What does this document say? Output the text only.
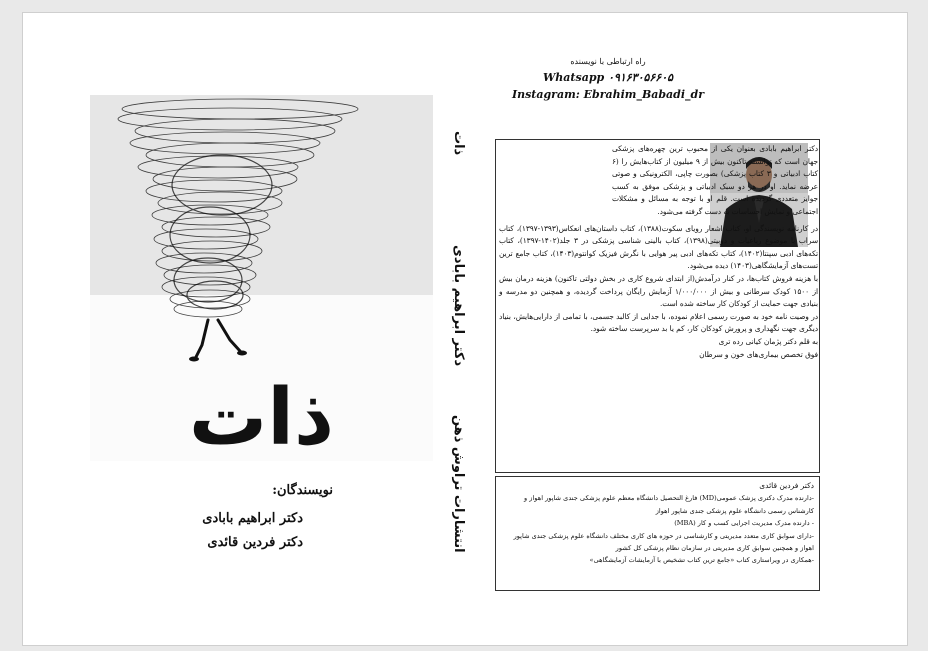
ذات
نویسندگان:
دکتر ابراهیم بابادی
دکتر فردین قائدی
ذات
دکتر ابراهیم بابادی
انتشارات تراوش ذهن
راه ارتباطی با نویسنده
Whatsapp ۰۹۱۶۳۰۵۶۶۰۵
Instagram: Ebrahim_Babadi_dr
دکتر ابراهیم بابادی بعنوان یکی از محبوب ترین چهره‌های پزشکی جهان است که توانسته تاکنون بیش از ۹ میلیون از کتاب‌هایش را (۶ کتاب ادبیاتی و ۳ کتاب پزشکی) بصورت چاپی، الکترونیکی و صوتی عرضه نماید. او در هر دو سبک ادبیاتی و پزشکی موفق به کسب جوایز متعددی گردیده است. قلم او با توجه به مسائل و مشکلات اجتماعی و نمایش احساسات به دست گرفته می‌شود.
در کارنامه نویسندگی او، کتاب اشعار رویای سکوت(۱۳۸۸)، کتاب داستان‌های انعکاس(۱۳۹۳-۱۳۹۷)، کتاب سراب با موضوع رباعیات و دوبیتی(۱۳۹۸)، کتاب بالینی شناسی پزشکی در ۳ جلد(۱۴۰۲-۱۳۹۷)، کتاب تکه‌های ادبی سپنتا(۱۴۰۲)، کتاب تکه‌های ادبی پیر هوایی با نگرش فیزیک کوانتوم(۱۴۰۳)، کتاب جامع ترین تست‌های آزمایشگاهی(۱۴۰۳) دیده می‌شود.
با هزینه فروش کتاب‌ها، در کنار درآمدش(از ابتدای شروع کاری در بخش دولتی تاکنون) هزینه درمان بیش از ۱۵۰۰ کودک سرطانی و بیش از ۱/۰۰۰/۰۰۰ آزمایش رایگان پرداخت گردیده، و همچنین دو مدرسه و بنیادی جهت حمایت از کودکان کار ساخته شده است.
در وصیت نامه خود به صورت رسمی اعلام نموده، با جدایی از کالبد جسمی، با تمامی از دارایی‌هایش، بنیاد دیگری جهت نگهداری و پرورش کودکان کار، کم یا بد سرپرست ساخته شود.
به قلم دکتر پژمان کیانی رده تری
فوق تخصص بیماری‌های خون و سرطان
دکتر فردین قائدی
-دارنده مدرک دکتری پزشک عمومی(MD) فارغ التحصیل دانشگاه معظم علوم پزشکی جندی شاپور اهواز و کارشناس رسمی دانشگاه علوم پزشکی جندی شاپور اهواز
- دارنده مدرک مدیریت اجرایی کسب و کار (MBA)
-دارای سوابق کاری متعدد مدیریتی و کارشناسی در حوزه های کاری مختلف دانشگاه علوم پزشکی جندی شاپور اهواز و همچنین سوابق کاری مدیریتی در سازمان نظام پزشکی کل کشور
-همکاری در ویراستاری کتاب «جامع ترین کتاب تشخیص با آزمایشات آزمایشگاهی»
